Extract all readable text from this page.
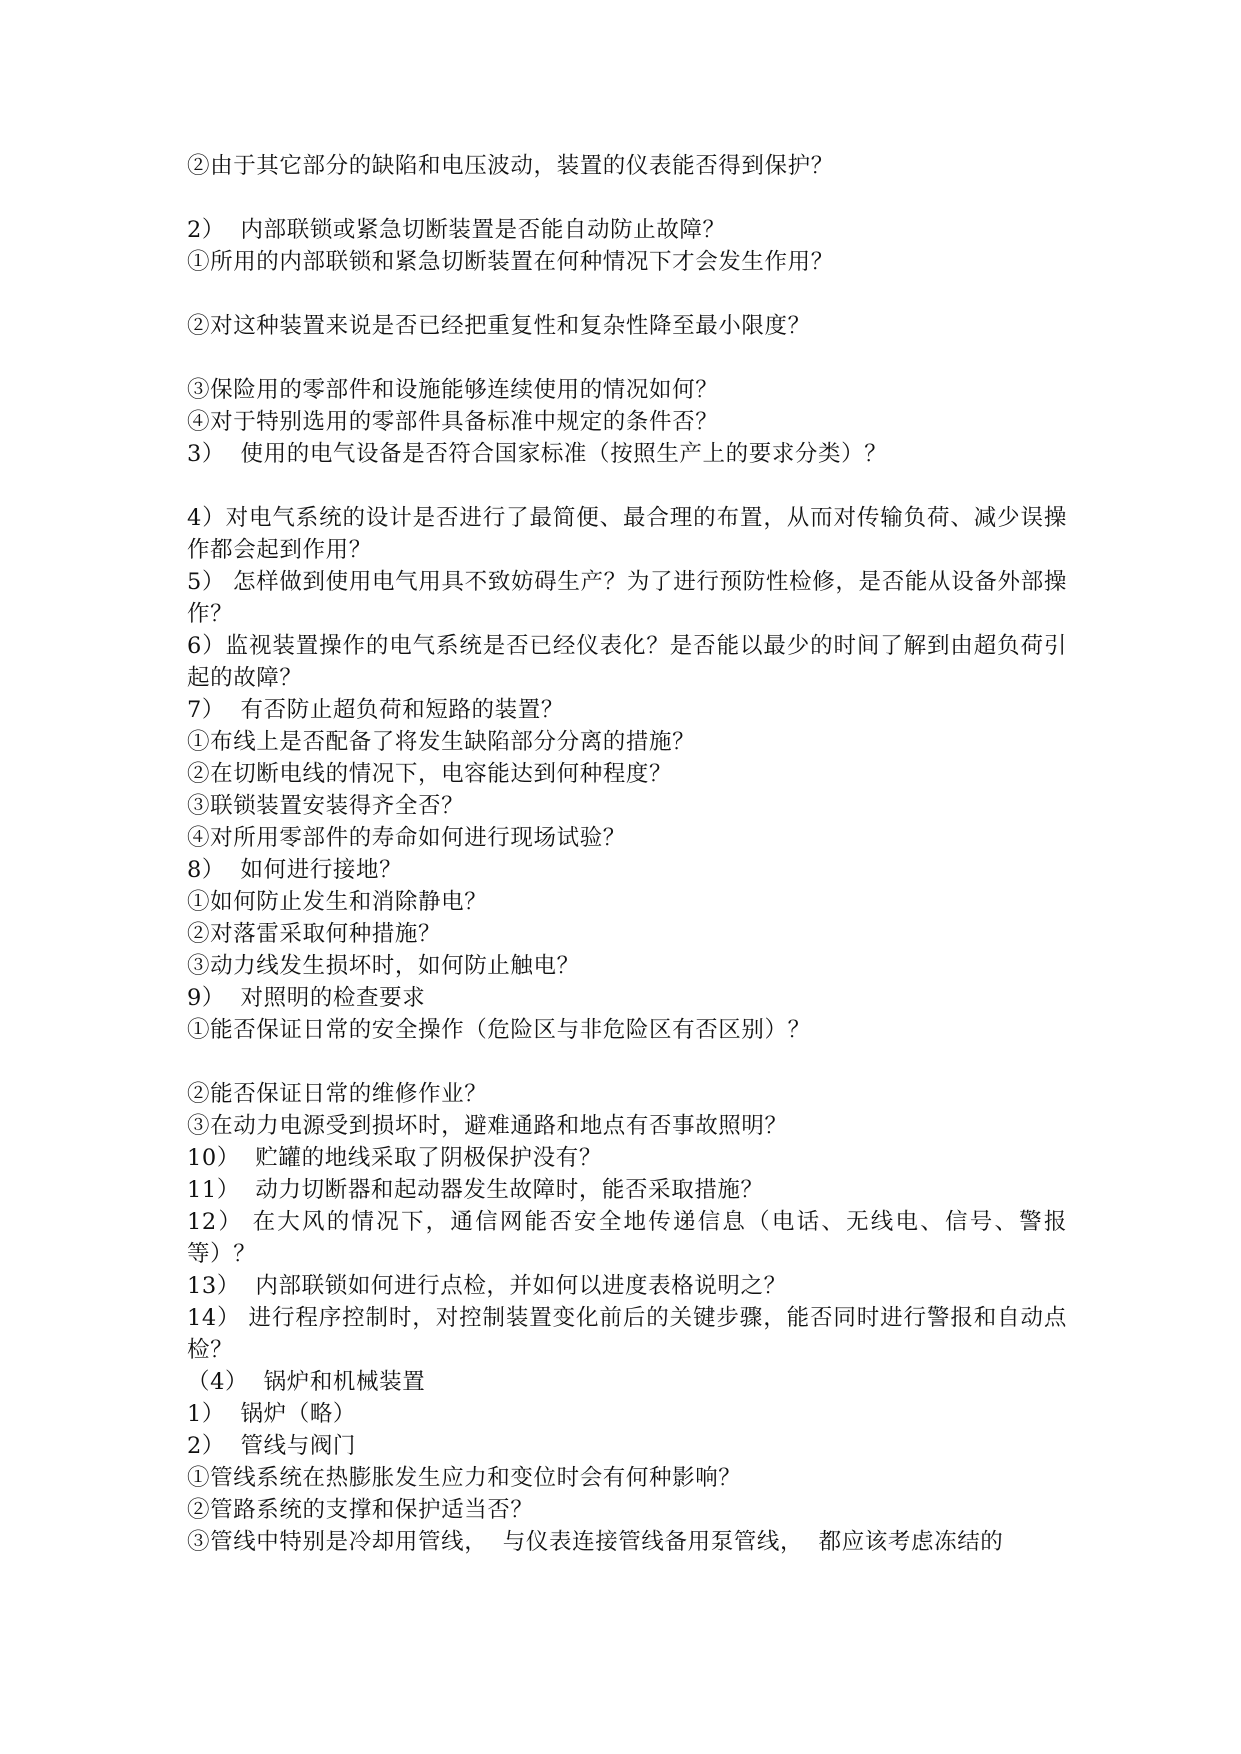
②由于其它部分的缺陷和电压波动，装置的仪表能否得到保护？

2）  内部联锁或紧急切断装置是否能自动防止故障？

①所用的内部联锁和紧急切断装置在何种情况下才会发生作用？

②对这种装置来说是否已经把重复性和复杂性降至最小限度？

③保险用的零部件和设施能够连续使用的情况如何？

④对于特别选用的零部件具备标准中规定的条件否？

3）  使用的电气设备是否符合国家标准（按照生产上的要求分类）？

4）对电气系统的设计是否进行了最简便、最合理的布置，从而对传输负荷、减少误操作都会起到作用？

5） 怎样做到使用电气用具不致妨碍生产？为了进行预防性检修，是否能从设备外部操作？

6）监视装置操作的电气系统是否已经仪表化？是否能以最少的时间了解到由超负荷引起的故障？

7）  有否防止超负荷和短路的装置？

①布线上是否配备了将发生缺陷部分分离的措施？

②在切断电线的情况下，电容能达到何种程度？

③联锁装置安装得齐全否？

④对所用零部件的寿命如何进行现场试验？

8）  如何进行接地？

①如何防止发生和消除静电？

②对落雷采取何种措施？

③动力线发生损坏时，如何防止触电？

9）  对照明的检查要求

①能否保证日常的安全操作（危险区与非危险区有否区别）？

②能否保证日常的维修作业？

③在动力电源受到损坏时，避难通路和地点有否事故照明？

10）  贮罐的地线采取了阴极保护没有？

11）  动力切断器和起动器发生故障时，能否采取措施？

12） 在大风的情况下，通信网能否安全地传递信息（电话、无线电、信号、警报等）？

13）  内部联锁如何进行点检，并如何以进度表格说明之？

14） 进行程序控制时，对控制装置变化前后的关键步骤，能否同时进行警报和自动点检？

（4）  锅炉和机械装置

1）  锅炉（略）

2）  管线与阀门

①管线系统在热膨胀发生应力和变位时会有何种影响？

②管路系统的支撑和保护适当否？

③管线中特别是冷却用管线，  与仪表连接管线备用泵管线，  都应该考虑冻结的
